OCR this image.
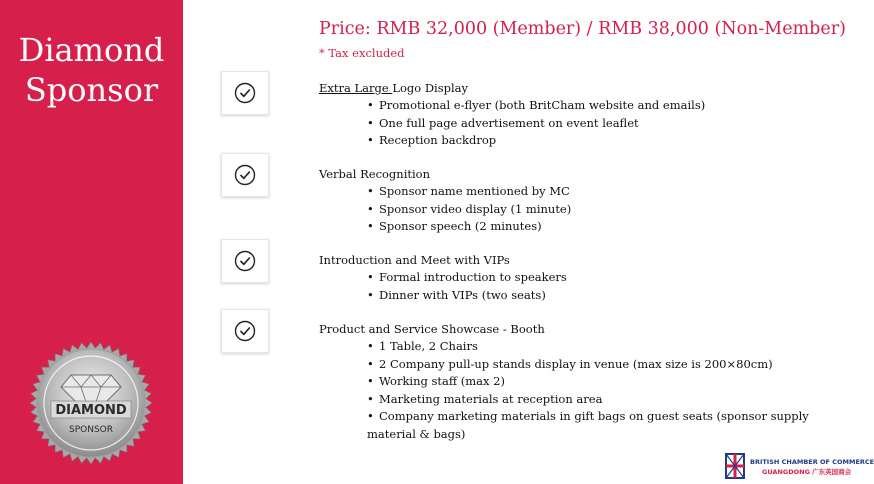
Diamond
Sponsor
DIAMOND
SPONSOR
Price: RMB 32,000 (Member) / RMB 38,000 (Non-Member)
* Tax excluded
Extra Large Logo Display
• Promotional e-flyer (both BritCham website and emails)
• One full page advertisement on event leaflet
• Reception backdrop
Verbal Recognition
• Sponsor name mentioned by MC
• Sponsor video display (1 minute)
• Sponsor speech (2 minutes)
Introduction and Meet with VIPs
• Formal introduction to speakers
• Dinner with VIPs (two seats)
Product and Service Showcase - Booth
• 1 Table, 2 Chairs
• 2 Company pull-up stands display in venue (max size is 200×80cm)
• Working staff (max 2)
• Marketing materials at reception area
• Company marketing materials in gift bags on guest seats (sponsor supply
material & bags)
BRITISH CHAMBER OF COMMERCE
GUANGDONG 广东英国商会
